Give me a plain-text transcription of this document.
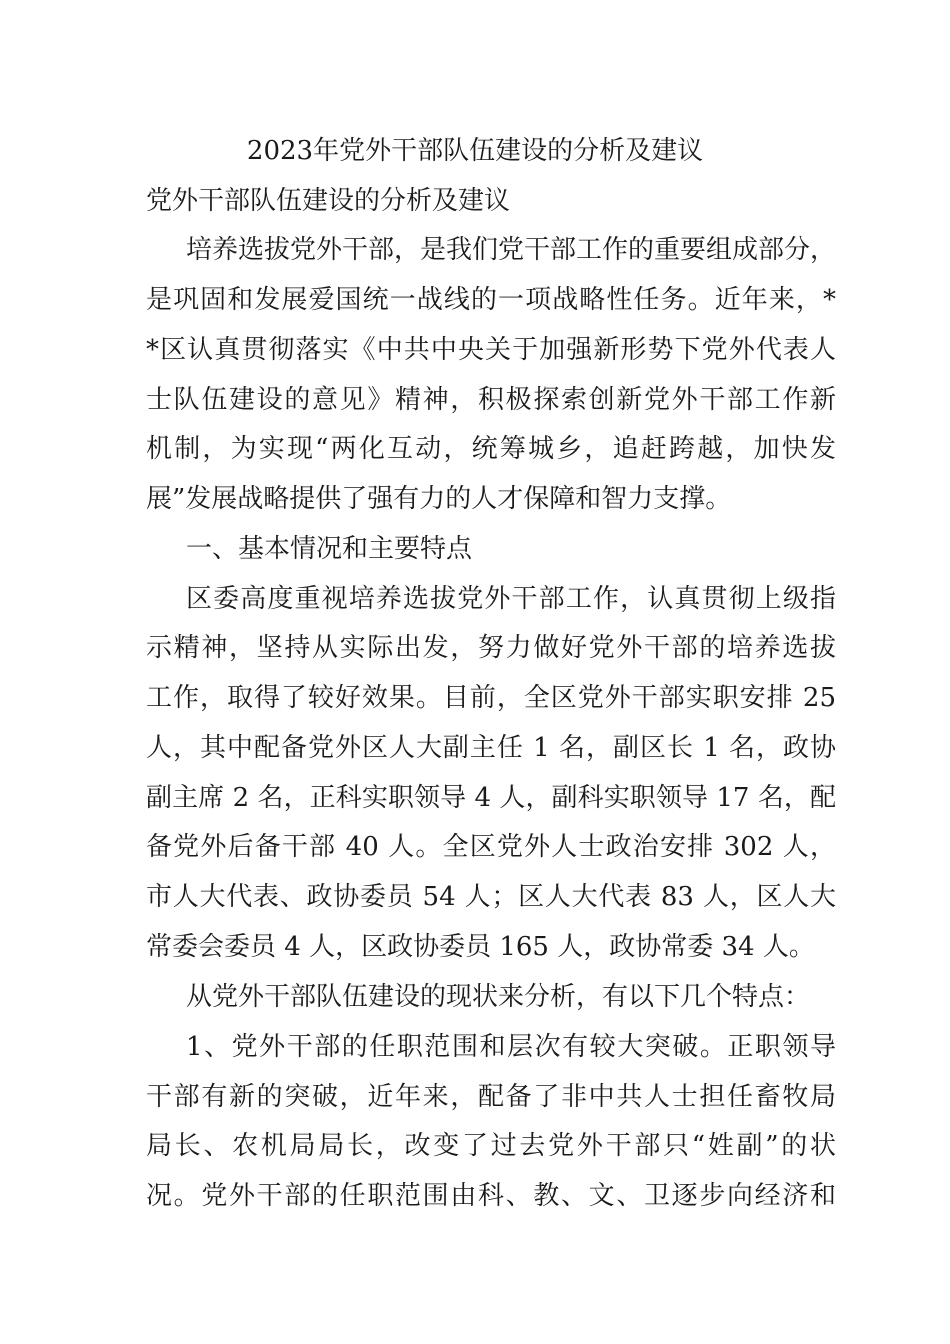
2023年党外干部队伍建设的分析及建议
党外干部队伍建设的分析及建议
培养选拔党外干部，是我们党干部工作的重要组成部分，
是巩固和发展爱国统一战线的一项战略性任务。近年来，*
*区认真贯彻落实《中共中央关于加强新形势下党外代表人
士队伍建设的意见》精神，积极探索创新党外干部工作新
机制，为实现“两化互动，统筹城乡，追赶跨越，加快发
展”发展战略提供了强有力的人才保障和智力支撑。
一、基本情况和主要特点
区委高度重视培养选拔党外干部工作，认真贯彻上级指
示精神，坚持从实际出发，努力做好党外干部的培养选拔
工作，取得了较好效果。目前，全区党外干部实职安排 25
人，其中配备党外区人大副主任 1 名，副区长 1 名，政协
副主席 2 名，正科实职领导 4 人，副科实职领导 17 名，配
备党外后备干部 40 人。全区党外人士政治安排 302 人，
市人大代表、政协委员 54 人；区人大代表 83 人，区人大
常委会委员 4 人，区政协委员 165 人，政协常委 34 人。
从党外干部队伍建设的现状来分析，有以下几个特点：
1、党外干部的任职范围和层次有较大突破。正职领导
干部有新的突破，近年来，配备了非中共人士担任畜牧局
局长、农机局局长，改变了过去党外干部只“姓副”的状
况。党外干部的任职范围由科、教、文、卫逐步向经济和
